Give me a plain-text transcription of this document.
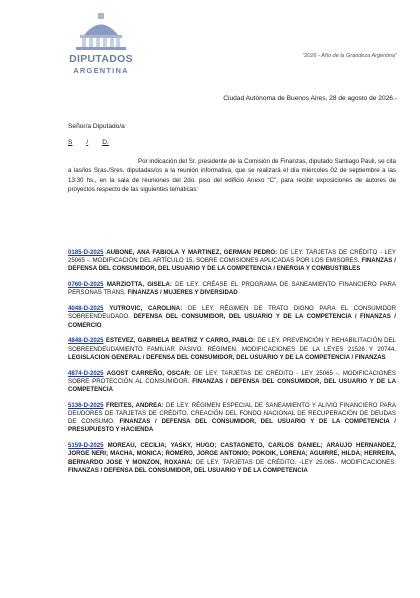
DIPUTADOS
ARGENTINA
"2026 - Año de la Grandeza Argentina"
Ciudad Autónoma de Buenos Aires, 28 de agosto de 2026.-
Señor/a Diputado/a
S / D.
Por indicación del Sr. presidente de la Comisión de Finanzas, diputado Santiago Pauli, se cita a las/los Sras./Sres. diputadas/os a la reunión informativa, que se realizará el día miércoles 02 de septiembre a las 13:30 hs., en la sala de reuniones del 2do. piso del edificio Anexo “C”, para recibir exposiciones de autores de proyectos respecto de las siguientes temáticas:
0185-D-2025 AUBONE, ANA FABIOLA Y MARTINEZ, GERMAN PEDRO: DE LEY. TARJETAS DE CRÉDITO - LEY 25065 -. MODIFICACIÓN DEL ARTÍCULO 15, SOBRE COMISIONES APLICADAS POR LOS EMISORES. FINANZAS / DEFENSA DEL CONSUMIDOR, DEL USUARIO Y DE LA COMPETENCIA / ENERGIA Y COMBUSTIBLES
0760-D-2025 MARZIOTTA, GISELA: DE LEY. CRÉASE EL PROGRAMA DE SANEAMIENTO FINANCIERO PARA PERSONAS TRANS. FINANZAS / MUJERES Y DIVERSIDAD
4048-D-2025 YUTROVIC, CAROLINA: DE LEY. RÉGIMEN DE TRATO DIGNO PARA EL CONSUMIDOR SOBREENDEUDADO. DEFENSA DEL CONSUMIDOR, DEL USUARIO Y DE LA COMPETENCIA / FINANZAS / COMERCIO
4848-D-2025 ESTEVEZ, GABRIELA BEATRIZ Y CARRO, PABLO: DE LEY. PREVENCIÓN Y REHABILITACIÓN DEL SOBREENDEUDAMIENTO FAMILIAR PASIVO. RÉGIMEN. MODIFICACIONES DE LA LEYES 21526 Y 20744. LEGISLACION GENERAL / DEFENSA DEL CONSUMIDOR, DEL USUARIO Y DE LA COMPETENCIA / FINANZAS
4874-D-2025 AGOST CARREÑO, OSCAR: DE LEY. TARJETAS DE CRÉDITO - LEY 25065 -. MODIFICACIONES SOBRE PROTECCIÓN AL CONSUMIDOR. FINANZAS / DEFENSA DEL CONSUMIDOR, DEL USUARIO Y DE LA COMPETENCIA
5136-D-2025 FREITES, ANDREA: DE LEY. RÉGIMEN ESPECIAL DE SANEAMIENTO Y ALIVIO FINANCIERO PARA DEUDORES DE TARJETAS DE CRÉDITO. CREACIÓN DEL FONDO NACIONAL DE RECUPERACIÓN DE DEUDAS DE CONSUMO. FINANZAS / DEFENSA DEL CONSUMIDOR, DEL USUARIO Y DE LA COMPETENCIA / PRESUPUESTO Y HACIENDA
5159-D-2025 MOREAU, CECILIA; YASKY, HUGO; CASTAGNETO, CARLOS DANIEL; ARAUJO HERNANDEZ, JORGE NERI; MACHA, MONICA; ROMERO, JORGE ANTONIO; POKOIK, LORENA; AGUIRRE, HILDA; HERRERA, BERNARDO JOSE Y MONZON, ROXANA: DE LEY. TARJETAS DE CRÉDITO. -LEY 25.065-. MODIFICACIONES. FINANZAS / DEFENSA DEL CONSUMIDOR, DEL USUARIO Y DE LA COMPETENCIA
